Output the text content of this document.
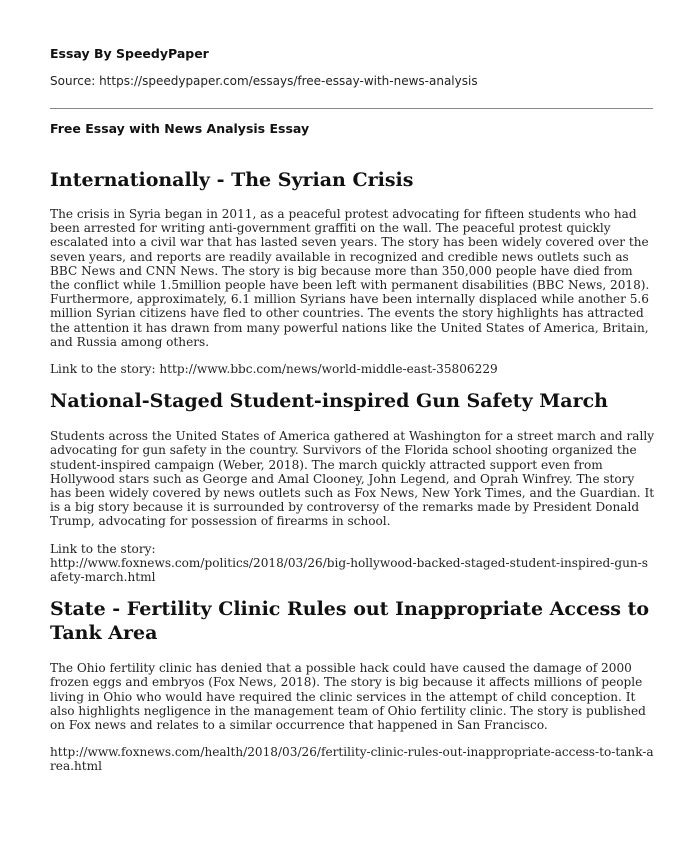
Essay By SpeedyPaper
Source: https://speedypaper.com/essays/free-essay-with-news-analysis
Free Essay with News Analysis Essay
Internationally - The Syrian Crisis

The crisis in Syria began in 2011, as a peaceful protest advocating for fifteen students who had been arrested for writing anti-government graffiti on the wall. The peaceful protest quickly escalated into a civil war that has lasted seven years. The story has been widely covered over the seven years, and reports are readily available in recognized and credible news outlets such as BBC News and CNN News. The story is big because more than 350,000 people have died from the conflict while 1.5million people have been left with permanent disabilities (BBC News, 2018). Furthermore, approximately, 6.1 million Syrians have been internally displaced while another 5.6 million Syrian citizens have fled to other countries. The events the story highlights has attracted the attention it has drawn from many powerful nations like the United States of America, Britain, and Russia among others.

Link to the story: http://www.bbc.com/news/world-middle-east-35806229

National-Staged Student-inspired Gun Safety March

Students across the United States of America gathered at Washington for a street march and rally advocating for gun safety in the country. Survivors of the Florida school shooting organized the student-inspired campaign (Weber, 2018). The march quickly attracted support even from Hollywood stars such as George and Amal Clooney, John Legend, and Oprah Winfrey. The story has been widely covered by news outlets such as Fox News, New York Times, and the Guardian. It is a big story because it is surrounded by controversy of the remarks made by President Donald Trump, advocating for possession of firearms in school.

Link to the story:
http://www.foxnews.com/politics/2018/03/26/big-hollywood-backed-staged-student-inspired-gun-safety-march.html

State - Fertility Clinic Rules out Inappropriate Access to Tank Area

The Ohio fertility clinic has denied that a possible hack could have caused the damage of 2000 frozen eggs and embryos (Fox News, 2018). The story is big because it affects millions of people living in Ohio who would have required the clinic services in the attempt of child conception. It also highlights negligence in the management team of Ohio fertility clinic. The story is published on Fox news and relates to a similar occurrence that happened in San Francisco.

http://www.foxnews.com/health/2018/03/26/fertility-clinic-rules-out-inappropriate-access-to-tank-area.html
